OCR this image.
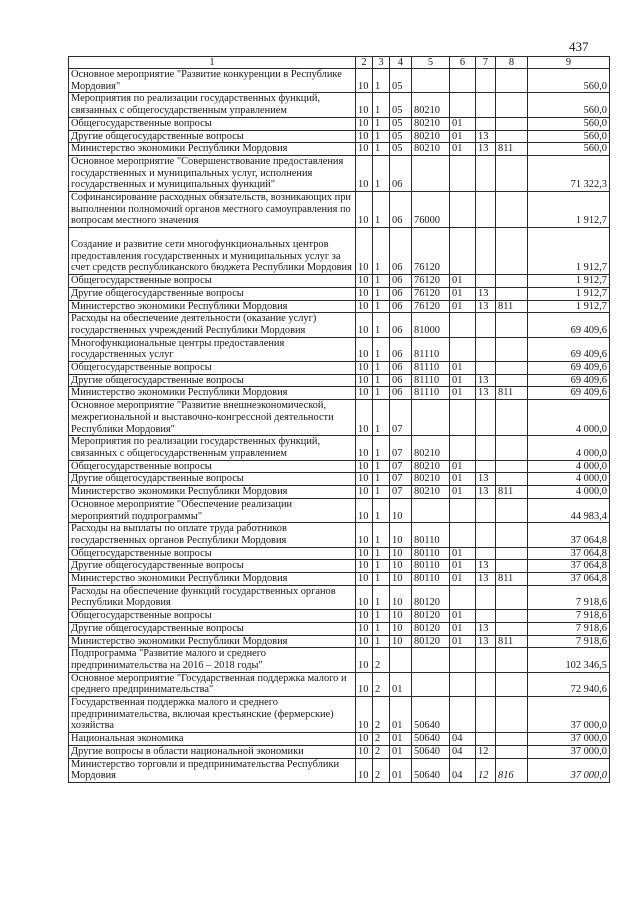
437
1	2	3	4	5	6	7	8	9
Основное мероприятие "Развитие конкуренции в Республике Мордовия"	10	1	05					560,0
Мероприятия по реализации государственных функций, связанных с общегосударственным управлением	10	1	05	80210				560,0
Общегосударственные вопросы	10	1	05	80210	01			560,0
Другие общегосударственные вопросы	10	1	05	80210	01	13		560,0
Министерство экономики Республики Мордовия	10	1	05	80210	01	13	811	560,0
Основное мероприятие "Совершенствование предоставления государственных и муниципальных услуг, исполнения государственных и муниципальных функций"	10	1	06					71 322,3
Софинансирование расходных обязательств, возникающих при выполнении полномочий органов местного самоуправления по вопросам местного значения	10	1	06	76000				1 912,7
Создание и развитие сети многофункциональных центров предоставления государственных и муниципальных услуг за счет средств республиканского бюджета Республики Мордовия	10	1	06	76120				1 912,7
Общегосударственные вопросы	10	1	06	76120	01			1 912,7
Другие общегосударственные вопросы	10	1	06	76120	01	13		1 912,7
Министерство экономики Республики Мордовия	10	1	06	76120	01	13	811	1 912,7
Расходы на обеспечение деятельности (оказание услуг) государственных учреждений Республики Мордовия	10	1	06	81000				69 409,6
Многофункциональные центры предоставления государственных услуг	10	1	06	81110				69 409,6
Общегосударственные вопросы	10	1	06	81110	01			69 409,6
Другие общегосударственные вопросы	10	1	06	81110	01	13		69 409,6
Министерство экономики Республики Мордовия	10	1	06	81110	01	13	811	69 409,6
Основное мероприятие "Развитие внешнеэкономической, межрегиональной и выставочно-конгрессной деятельности Республики Мордовия"	10	1	07					4 000,0
Мероприятия по реализации государственных функций, связанных с общегосударственным управлением	10	1	07	80210				4 000,0
Общегосударственные вопросы	10	1	07	80210	01			4 000,0
Другие общегосударственные вопросы	10	1	07	80210	01	13		4 000,0
Министерство экономики Республики Мордовия	10	1	07	80210	01	13	811	4 000,0
Основное мероприятие "Обеспечение реализации мероприятий подпрограммы"	10	1	10					44 983,4
Расходы на выплаты по оплате труда работников государственных органов Республики Мордовия	10	1	10	80110				37 064,8
Общегосударственные вопросы	10	1	10	80110	01			37 064,8
Другие общегосударственные вопросы	10	1	10	80110	01	13		37 064,8
Министерство экономики Республики Мордовия	10	1	10	80110	01	13	811	37 064,8
Расходы на обеспечение функций государственных органов Республики Мордовия	10	1	10	80120				7 918,6
Общегосударственные вопросы	10	1	10	80120	01			7 918,6
Другие общегосударственные вопросы	10	1	10	80120	01	13		7 918,6
Министерство экономики Республики Мордовия	10	1	10	80120	01	13	811	7 918,6
Подпрограмма "Развитие малого и среднего предпринимательства на 2016 – 2018 годы"	10	2						102 346,5
Основное мероприятие "Государственная поддержка малого и среднего предпринимательства"	10	2	01					72 940,6
Государственная поддержка малого и среднего предпринимательства, включая крестьянские (фермерские) хозяйства	10	2	01	50640				37 000,0
Национальная экономика	10	2	01	50640	04			37 000,0
Другие вопросы в области национальной экономики	10	2	01	50640	04	12		37 000,0
Министерство торговли и предпринимательства Республики Мордовия	10	2	01	50640	04	12	816	37 000,0
